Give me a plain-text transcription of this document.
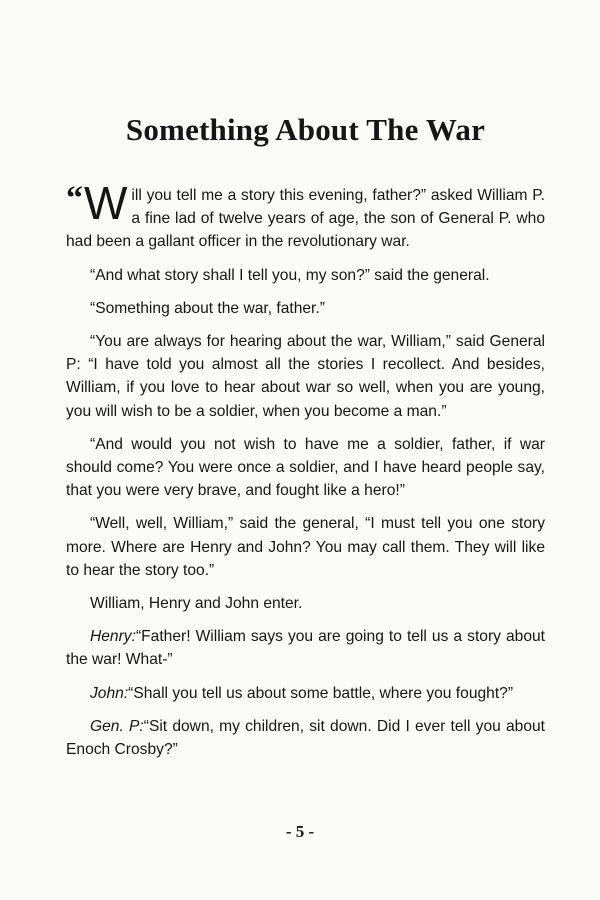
Something About The War

“ W ill you tell me a story this evening, father?” asked William P. a fine lad of twelve years of age, the son of General P. who had been a gallant officer in the revolutionary war.

“And what story shall I tell you, my son?” said the general.

“Something about the war, father.”

“You are always for hearing about the war, William,” said General P: “I have told you almost all the stories I recollect. And besides, William, if you love to hear about war so well, when you are young, you will wish to be a soldier, when you become a man.”

“And would you not wish to have me a soldier, father, if war should come? You were once a soldier, and I have heard people say, that you were very brave, and fought like a hero!”

“Well, well, William,” said the general, “I must tell you one story more. Where are Henry and John? You may call them. They will like to hear the story too.”

William, Henry and John enter.

Henry:“Father! William says you are going to tell us a story about the war! What-”

John:“Shall you tell us about some battle, where you fought?”

Gen. P:“Sit down, my children, sit down. Did I ever tell you about Enoch Crosby?”

- 5 -
